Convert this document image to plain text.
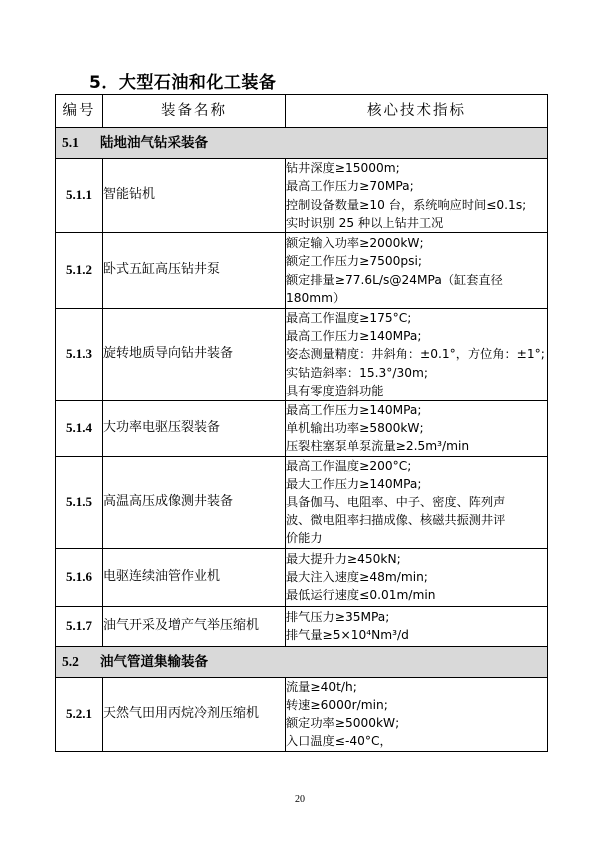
5．大型石油和化工装备
编号	装备名称	核心技术指标
5.1 陆地油气钻采装备		
5.1.1	智能钻机	钻井深度≥15000m;
最高工作压力≥70MPa;
控制设备数量≥10 台，系统响应时间≤0.1s;
实时识别 25 种以上钻井工况

5.1.2	卧式五缸高压钻井泵	额定输入功率≥2000kW;
额定工作压力≥7500psi;
额定排量≥77.6L/s@24MPa（缸套直径
180mm）

5.1.3	旋转地质导向钻井装备	最高工作温度≥175°C;
最高工作压力≥140MPa;
姿态测量精度：井斜角：±0.1°，方位角：±1°;
实钻造斜率：15.3°/30m;
具有零度造斜功能

5.1.4	大功率电驱压裂装备	最高工作压力≥140MPa;
单机输出功率≥5800kW;
压裂柱塞泵单泵流量≥2.5m³/min

5.1.5	高温高压成像测井装备	最高工作温度≥200°C;
最大工作压力≥140MPa;
具备伽马、电阻率、中子、密度、阵列声
波、微电阻率扫描成像、核磁共振测井评
价能力

5.1.6	电驱连续油管作业机	最大提升力≥450kN;
最大注入速度≥48m/min;
最低运行速度≤0.01m/min

5.1.7	油气开采及增产气举压缩机	排气压力≥35MPa;
排气量≥5×10⁴Nm³/d

5.2 油气管道集输装备		
5.2.1	天然气田用丙烷冷剂压缩机	流量≥40t/h;
转速≥6000r/min;
额定功率≥5000kW;
入口温度≤-40°C，
20
